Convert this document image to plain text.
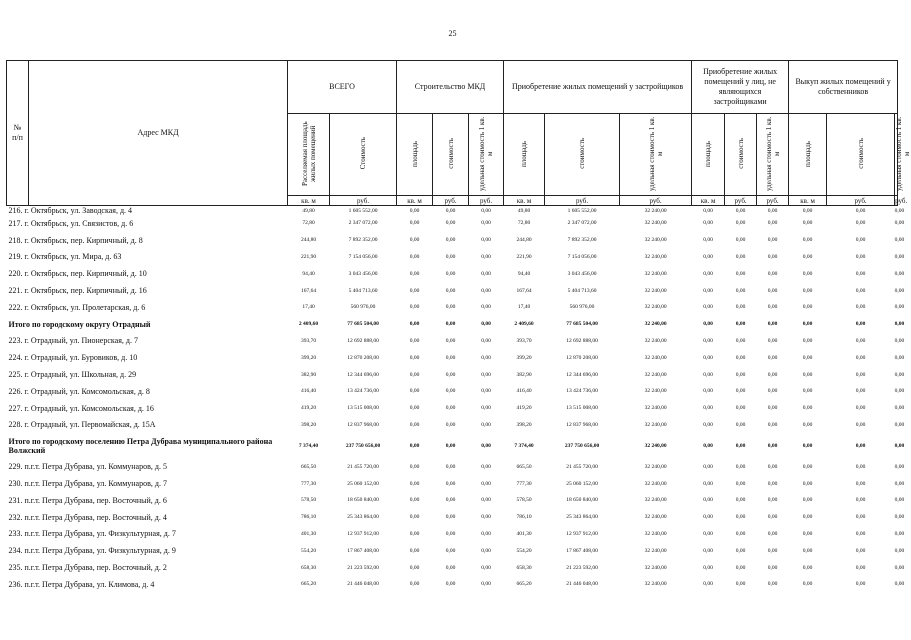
25
№
п/п	Адрес МКД	ВСЕГО		Строительство МКД			Приобретение жилых помещений у застройщиков			Приобретение жилых помещений у лиц, не являющихся застройщиками			Выкуп жилых помещений у собственников		
		Расселяемая площадь жилых помещений	Стоимость	площадь	стоимость	удельная стоимость 1 кв. м	площадь	стоимость	удельная стоимость 1 кв. м	площадь	стоимость	удельная стоимость 1 кв. м	площадь	стоимость	удельная стоимость 1 кв. м
		кв. м	руб.	кв. м	руб.	руб.	кв. м	руб.	руб.	кв. м	руб.	руб.	кв. м	руб.	руб.
216. г. Октябрьск, ул. Заводская, д. 4		49,80	1 605 552,00	0,00	0,00	0,00	49,80	1 605 552,00	32 240,00	0,00	0,00	0,00	0,00	0,00	0,00
217. г. Октябрьск, ул. Связистов, д. 6		72,80	2 347 072,00	0,00	0,00	0,00	72,80	2 347 072,00	32 240,00	0,00	0,00	0,00	0,00	0,00	0,00
218. г. Октябрьск, пер. Кирпичный, д. 8		244,80	7 892 352,00	0,00	0,00	0,00	244,80	7 892 352,00	32 240,00	0,00	0,00	0,00	0,00	0,00	0,00
219. г. Октябрьск, ул. Мира, д. 63		221,90	7 154 056,00	0,00	0,00	0,00	221,90	7 154 056,00	32 240,00	0,00	0,00	0,00	0,00	0,00	0,00
220. г. Октябрьск, пер. Кирпичный, д. 10		94,40	3 043 456,00	0,00	0,00	0,00	94,40	3 043 456,00	32 240,00	0,00	0,00	0,00	0,00	0,00	0,00
221. г. Октябрьск, пер. Кирпичный, д. 16		167,64	5 404 713,60	0,00	0,00	0,00	167,64	5 404 713,60	32 240,00	0,00	0,00	0,00	0,00	0,00	0,00
222. г. Октябрьск, ул. Пролетарская, д. 6		17,40	560 976,00	0,00	0,00	0,00	17,40	560 976,00	32 240,00	0,00	0,00	0,00	0,00	0,00	0,00
Итого по городскому округу Отрадный		2 409,60	77 685 504,00	0,00	0,00	0,00	2 409,60	77 685 504,00	32 240,00	0,00	0,00	0,00	0,00	0,00	0,00
223. г. Отрадный, ул. Пионерская, д. 7		393,70	12 692 888,00	0,00	0,00	0,00	393,70	12 692 888,00	32 240,00	0,00	0,00	0,00	0,00	0,00	0,00
224. г. Отрадный, ул. Буровиков, д. 10		399,20	12 870 208,00	0,00	0,00	0,00	399,20	12 870 208,00	32 240,00	0,00	0,00	0,00	0,00	0,00	0,00
225. г. Отрадный, ул. Школьная, д. 29		382,90	12 344 696,00	0,00	0,00	0,00	382,90	12 344 696,00	32 240,00	0,00	0,00	0,00	0,00	0,00	0,00
226. г. Отрадный, ул. Комсомольская, д. 8		416,40	13 424 736,00	0,00	0,00	0,00	416,40	13 424 736,00	32 240,00	0,00	0,00	0,00	0,00	0,00	0,00
227. г. Отрадный, ул. Комсомольская, д. 16		419,20	13 515 008,00	0,00	0,00	0,00	419,20	13 515 008,00	32 240,00	0,00	0,00	0,00	0,00	0,00	0,00
228. г. Отрадный, ул. Первомайская, д. 15А		398,20	12 837 968,00	0,00	0,00	0,00	398,20	12 837 968,00	32 240,00	0,00	0,00	0,00	0,00	0,00	0,00
Итого по городскому поселению Петра Дубрава муниципального района Волжский		7 374,40	237 750 656,00	0,00	0,00	0,00	7 374,40	237 750 656,00	32 240,00	0,00	0,00	0,00	0,00	0,00	0,00
229. п.г.т. Петра Дубрава, ул. Коммунаров, д. 5		665,50	21 455 720,00	0,00	0,00	0,00	665,50	21 455 720,00	32 240,00	0,00	0,00	0,00	0,00	0,00	0,00
230. п.г.т. Петра Дубрава, ул. Коммунаров, д. 7		777,30	25 060 152,00	0,00	0,00	0,00	777,30	25 060 152,00	32 240,00	0,00	0,00	0,00	0,00	0,00	0,00
231. п.г.т. Петра Дубрава, пер. Восточный, д. 6		578,50	18 650 840,00	0,00	0,00	0,00	578,50	18 650 840,00	32 240,00	0,00	0,00	0,00	0,00	0,00	0,00
232. п.г.т. Петра Дубрава, пер. Восточный, д. 4		786,10	25 343 864,00	0,00	0,00	0,00	786,10	25 343 864,00	32 240,00	0,00	0,00	0,00	0,00	0,00	0,00
233. п.г.т. Петра Дубрава, ул. Физкультурная, д. 7		401,30	12 937 912,00	0,00	0,00	0,00	401,30	12 937 912,00	32 240,00	0,00	0,00	0,00	0,00	0,00	0,00
234. п.г.т. Петра Дубрава, ул. Физкультурная, д. 9		554,20	17 867 408,00	0,00	0,00	0,00	554,20	17 867 408,00	32 240,00	0,00	0,00	0,00	0,00	0,00	0,00
235. п.г.т. Петра Дубрава, пер. Восточный, д. 2		658,30	21 223 592,00	0,00	0,00	0,00	658,30	21 223 592,00	32 240,00	0,00	0,00	0,00	0,00	0,00	0,00
236. п.г.т. Петра Дубрава, ул. Климова, д. 4		665,20	21 446 048,00	0,00	0,00	0,00	665,20	21 446 048,00	32 240,00	0,00	0,00	0,00	0,00	0,00	0,00
